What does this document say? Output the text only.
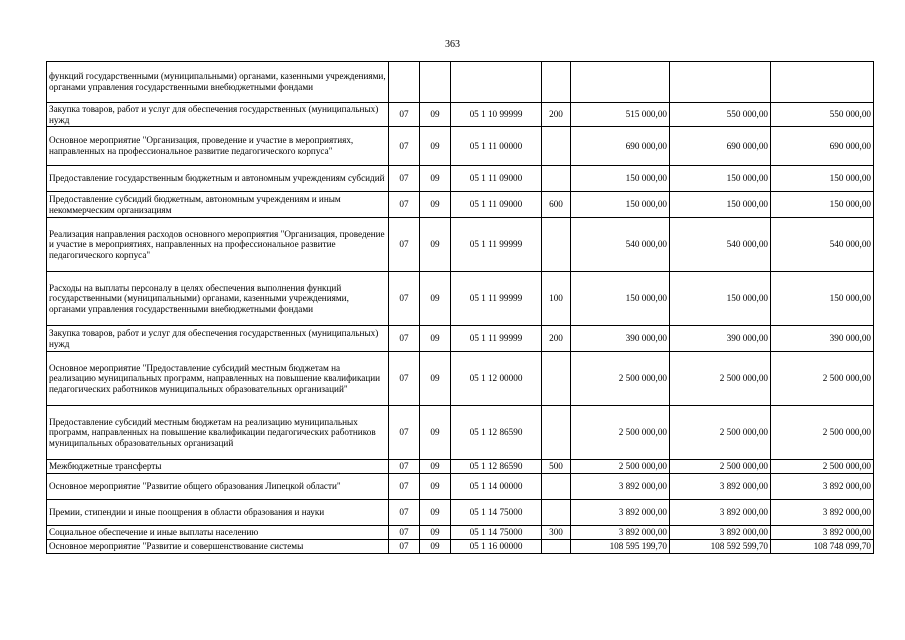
363
функций государственными (муниципальными) органами, казенными учреждениями, органами управления государственными внебюджетными фондами							
Закупка товаров, работ и услуг для обеспечения государственных (муниципальных) нужд	07	09	05 1 10 99999	200	515 000,00	550 000,00	550 000,00
Основное мероприятие "Организация, проведение и участие в мероприятиях, направленных на профессиональное развитие педагогического корпуса"	07	09	05 1 11 00000		690 000,00	690 000,00	690 000,00
Предоставление государственным бюджетным и автономным учреждениям субсидий	07	09	05 1 11 09000		150 000,00	150 000,00	150 000,00
Предоставление субсидий бюджетным, автономным учреждениям и иным некоммерческим организациям	07	09	05 1 11 09000	600	150 000,00	150 000,00	150 000,00
Реализация направления расходов основного мероприятия "Организация, проведение и участие в мероприятиях, направленных на профессиональное развитие педагогического корпуса"	07	09	05 1 11 99999		540 000,00	540 000,00	540 000,00
Расходы на выплаты персоналу в целях обеспечения выполнения функций государственными (муниципальными) органами, казенными учреждениями, органами управления государственными внебюджетными фондами	07	09	05 1 11 99999	100	150 000,00	150 000,00	150 000,00
Закупка товаров, работ и услуг для обеспечения государственных (муниципальных) нужд	07	09	05 1 11 99999	200	390 000,00	390 000,00	390 000,00
Основное мероприятие "Предоставление субсидий местным бюджетам на реализацию муниципальных программ, направленных на повышение квалификации педагогических работников муниципальных образовательных организаций"	07	09	05 1 12 00000		2 500 000,00	2 500 000,00	2 500 000,00
Предоставление субсидий местным бюджетам на реализацию муниципальных программ, направленных на повышение квалификации педагогических работников муниципальных образовательных организаций	07	09	05 1 12 86590		2 500 000,00	2 500 000,00	2 500 000,00
Межбюджетные трансферты	07	09	05 1 12 86590	500	2 500 000,00	2 500 000,00	2 500 000,00
Основное мероприятие "Развитие общего образования Липецкой области"	07	09	05 1 14 00000		3 892 000,00	3 892 000,00	3 892 000,00
Премии, стипендии и иные поощрения в области образования и науки	07	09	05 1 14 75000		3 892 000,00	3 892 000,00	3 892 000,00
Социальное обеспечение и иные выплаты населению	07	09	05 1 14 75000	300	3 892 000,00	3 892 000,00	3 892 000,00
Основное мероприятие "Развитие и совершенствование системы	07	09	05 1 16 00000		108 595 199,70	108 592 599,70	108 748 099,70
